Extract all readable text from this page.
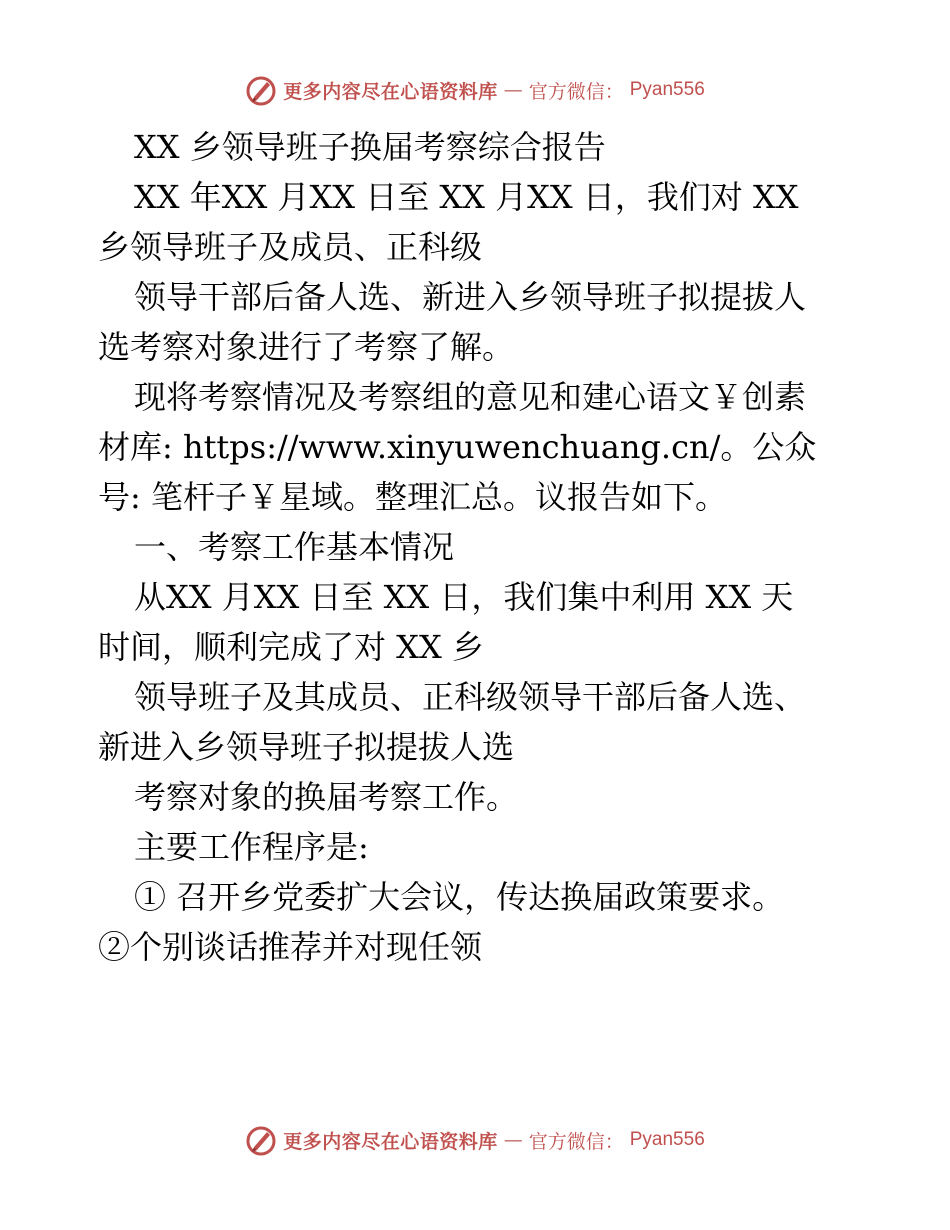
更多内容尽在心语资料库 — 官方微信： Pyan556
XX 乡领导班子换届考察综合报告
XX 年XX 月XX 日至 XX 月XX 日，我们对 XX
乡领导班子及成员、正科级
领导干部后备人选、新进入乡领导班子拟提拔人
选考察对象进行了考察了解。
现将考察情况及考察组的意见和建心语文￥创素
材库: https://www.xinyuwenchuang.cn/。公众
号: 笔杆子￥星域。整理汇总。议报告如下。
一、考察工作基本情况
从XX 月XX 日至 XX 日，我们集中利用 XX 天
时间，顺利完成了对 XX 乡
领导班子及其成员、正科级领导干部后备人选、
新进入乡领导班子拟提拔人选
考察对象的换届考察工作。
主要工作程序是:
① 召开乡党委扩大会议，传达换届政策要求。
②个别谈话推荐并对现任领
更多内容尽在心语资料库 — 官方微信： Pyan556
